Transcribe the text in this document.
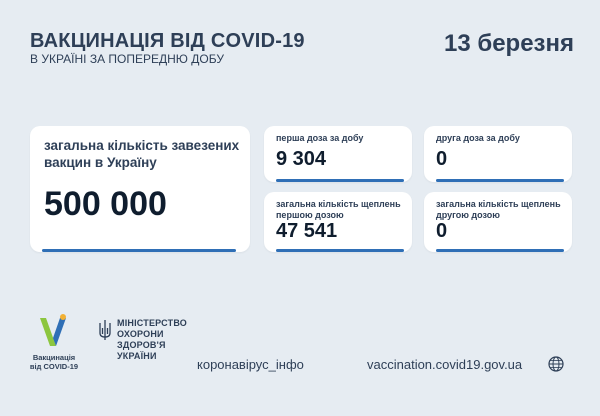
ВАКЦИНАЦІЯ ВІД COVID-19
В УКРАЇНІ ЗА ПОПЕРЕДНЮ ДОБУ
13 березня
загальна кількість завезених вакцин в Україну
500 000
перша доза за добу
9 304
друга доза за добу
0
загальна кількість щеплень першою дозою
47 541
загальна кількість щеплень другою дозою
0
Вакцинація від COVID-19
МІНІСТЕРСТВО
ОХОРОНИ
ЗДОРОВ'Я
УКРАЇНИ
коронавірус_інфо	vaccination.covid19.gov.ua
